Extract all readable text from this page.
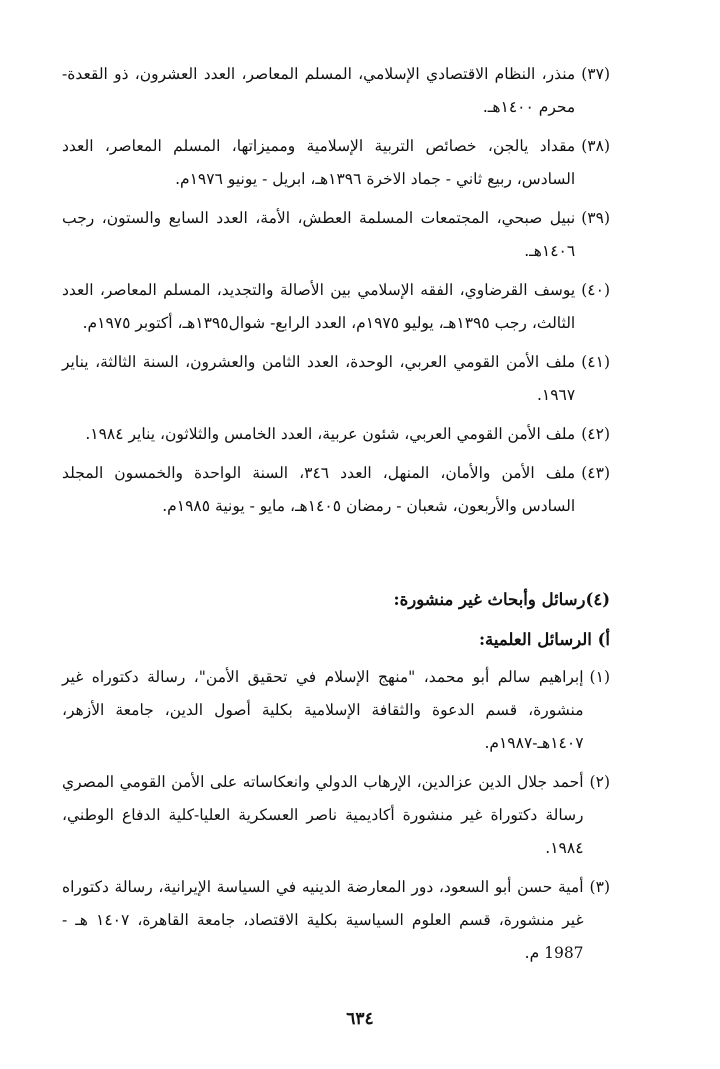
(٣٧)
منذر، النظام الاقتصادي الإسلامي، المسلم المعاصر، العدد العشرون، ذو القعدة- محرم ١٤٠٠هـ.
(٣٨)
مقداد يالجن، خصائص التربية الإسلامية ومميزاتها، المسلم المعاصر، العدد السادس، ربيع ثاني - جماد الاخرة ١٣٩٦هـ، ابريل - يونيو ١٩٧٦م.
(٣٩)
نبيل صبحي، المجتمعات المسلمة العطش، الأمة، العدد السابع والستون، رجب ١٤٠٦هـ.
(٤٠)
يوسف القرضاوي، الفقه الإسلامي بين الأصالة والتجديد، المسلم المعاصر، العدد الثالث، رجب ١٣٩٥هـ، يوليو ١٩٧٥م، العدد الرابع- شوال١٣٩٥هـ، أكتوبر ١٩٧٥م.
(٤١)
ملف الأمن القومي العربي، الوحدة، العدد الثامن والعشرون، السنة الثالثة، يناير ١٩٦٧.
(٤٢)
ملف الأمن القومي العربي، شئون عربية، العدد الخامس والثلاثون، يناير ١٩٨٤.
(٤٣)
ملف الأمن والأمان، المنهل، العدد ٣٤٦، السنة الواحدة والخمسون المجلد السادس والأربعون، شعبان - رمضان ١٤٠٥هـ، مايو - يونية ١٩٨٥م.
(٤)رسائل وأبحاث غير منشورة:
أ) الرسائل العلمية:
(١)
إبراهيم سالم أبو محمد، "منهج الإسلام في تحقيق الأمن"، رسالة دكتوراه غير منشورة، قسم الدعوة والثقافة الإسلامية بكلية أصول الدين، جامعة الأزهر، ١٤٠٧هـ-١٩٨٧م.
(٢)
أحمد جلال الدين عزالدين، الإرهاب الدولي وانعكاساته على الأمن القومي المصري رسالة دكتوراة غير منشورة أكاديمية ناصر العسكرية العليا-كلية الدفاع الوطني، ١٩٨٤.
(٣)
أمية حسن أبو السعود، دور المعارضة الدينيه في السياسة الإيرانية، رسالة دكتوراه غير منشورة، قسم العلوم السياسية بكلية الاقتصاد، جامعة القاهرة، ١٤٠٧ هـ - 1987 م.
٦٣٤
